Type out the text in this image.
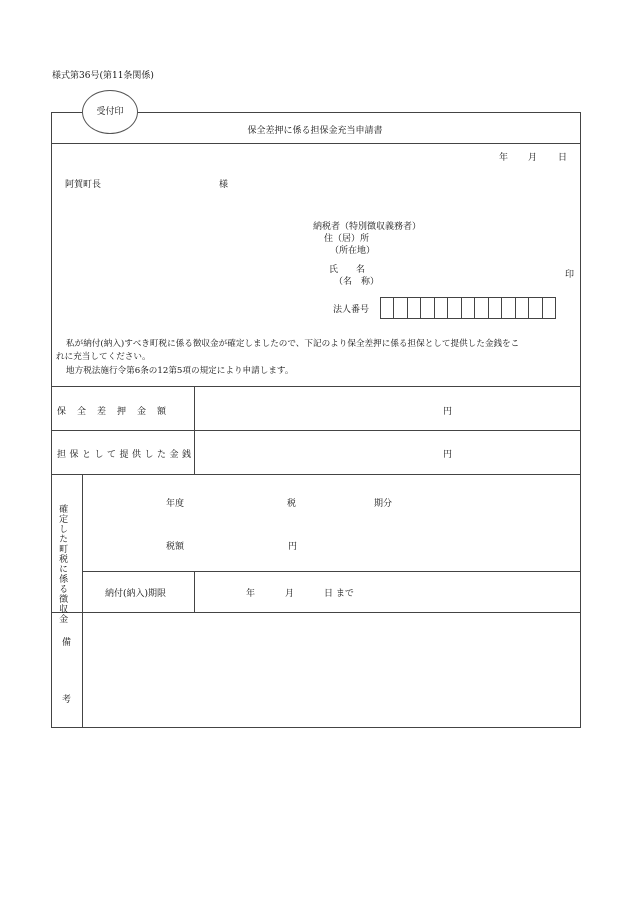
様式第36号(第11条関係)
受付印
保全差押に係る担保金充当申請書
年 月 日
阿賀町長	様
納税者（特別徴収義務者）
住（居）所
（所在地）
氏　　名
（名　称）
印
法人番号
私が納付(納入)すべき町税に係る徴収金が確定しましたので、下記のより保全差押に係る担保として提供した金銭をこ
れに充当してください。
地方税法施行令第6条の12第5項の規定により申請します。
保全差押金額	円
担保として提供した金銭	円
確定した町税に係る徴収金	年度	税	期分
税額	円
納付(納入)期限	年	月	日 まで
備
考
